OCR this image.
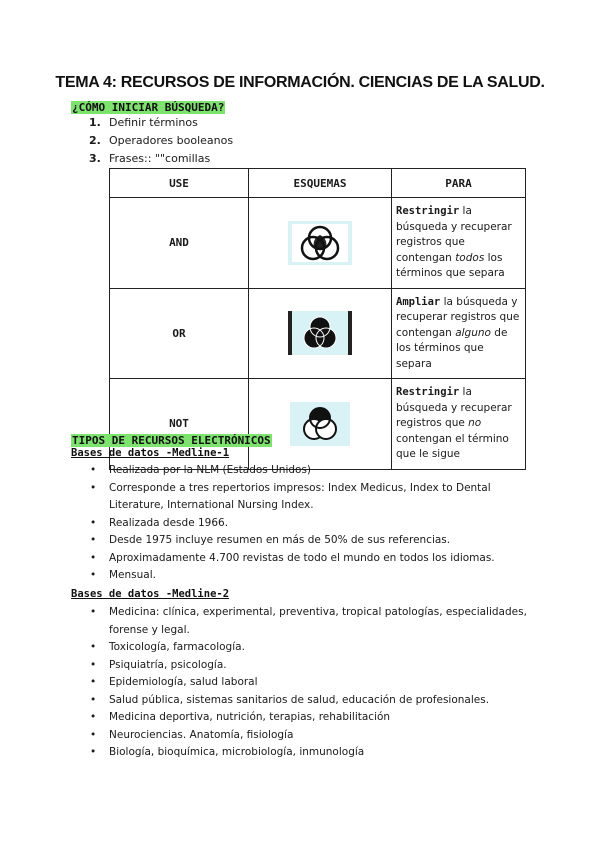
TEMA 4: RECURSOS DE INFORMACIÓN. CIENCIAS DE LA SALUD.
¿CÓMO INICIAR BÚSQUEDA?
1. Definir términos
2. Operadores booleanos
3. Frases:: ""comillas
USE	ESQUEMAS	PARA
AND		Restringir la búsqueda y recuperar registros que contengan todos los términos que separa
OR		Ampliar la búsqueda y recuperar registros que contengan alguno de los términos que separa
NOT		Restringir la búsqueda y recuperar registros que no contengan el término que le sigue
TIPOS DE RECURSOS ELECTRÓNICOS
Bases de datos -Medline-1
• Realizada por la NLM (Estados Unidos)
• Corresponde a tres repertorios impresos: Index Medicus, Index to Dental Literature, International Nursing Index.
• Realizada desde 1966.
• Desde 1975 incluye resumen en más de 50% de sus referencias.
• Aproximadamente 4.700 revistas de todo el mundo en todos los idiomas.
• Mensual.
Bases de datos -Medline-2
• Medicina: clínica, experimental, preventiva, tropical patologías, especialidades, forense y legal.
• Toxicología, farmacología.
• Psiquiatría, psicología.
• Epidemiología, salud laboral
• Salud pública, sistemas sanitarios de salud, educación de profesionales.
• Medicina deportiva, nutrición, terapias, rehabilitación
• Neurociencias. Anatomía, fisiología
• Biología, bioquímica, microbiología, inmunología
